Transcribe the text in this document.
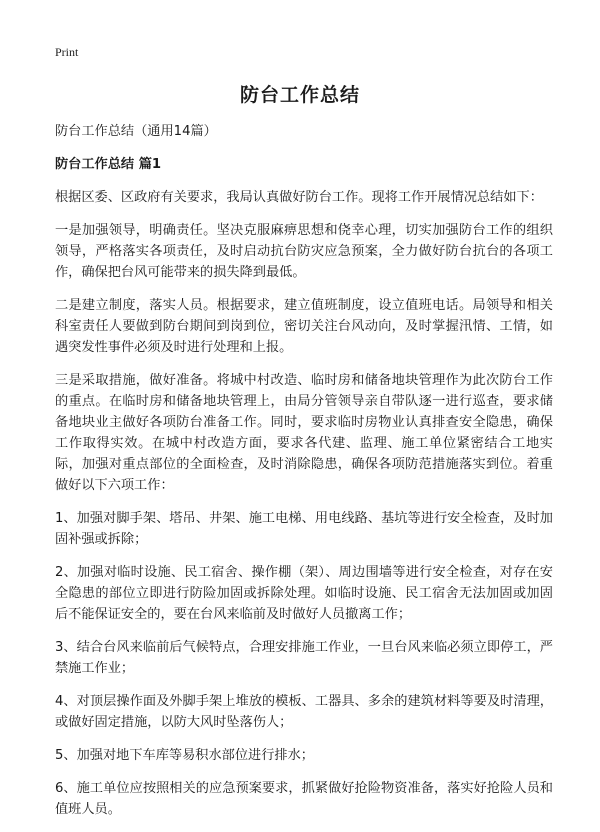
Print
防台工作总结

防台工作总结（通用14篇）

防台工作总结 篇1

根据区委、区政府有关要求，我局认真做好防台工作。现将工作开展情况总结如下：

一是加强领导，明确责任。坚决克服麻痹思想和侥幸心理，切实加强防台工作的组织领导，严格落实各项责任，及时启动抗台防灾应急预案，全力做好防台抗台的各项工作，确保把台风可能带来的损失降到最低。

二是建立制度，落实人员。根据要求，建立值班制度，设立值班电话。局领导和相关科室责任人要做到防台期间到岗到位，密切关注台风动向，及时掌握汛情、工情，如遇突发性事件必须及时进行处理和上报。

三是采取措施，做好准备。将城中村改造、临时房和储备地块管理作为此次防台工作的重点。在临时房和储备地块管理上，由局分管领导亲自带队逐一进行巡查，要求储备地块业主做好各项防台准备工作。同时，要求临时房物业认真排查安全隐患，确保工作取得实效。在城中村改造方面，要求各代建、监理、施工单位紧密结合工地实际，加强对重点部位的全面检查，及时消除隐患，确保各项防范措施落实到位。着重做好以下六项工作：

1、加强对脚手架、塔吊、井架、施工电梯、用电线路、基坑等进行安全检查，及时加固补强或拆除；

2、加强对临时设施、民工宿舍、操作棚（架）、周边围墙等进行安全检查，对存在安全隐患的部位立即进行防险加固或拆除处理。如临时设施、民工宿舍无法加固或加固后不能保证安全的，要在台风来临前及时做好人员撤离工作；

3、结合台风来临前后气候特点，合理安排施工作业，一旦台风来临必须立即停工，严禁施工作业；

4、对顶层操作面及外脚手架上堆放的模板、工器具、多余的建筑材料等要及时清理，或做好固定措施，以防大风时坠落伤人；

5、加强对地下车库等易积水部位进行排水；

6、施工单位应按照相关的应急预案要求，抓紧做好抢险物资准备，落实好抢险人员和值班人员。
